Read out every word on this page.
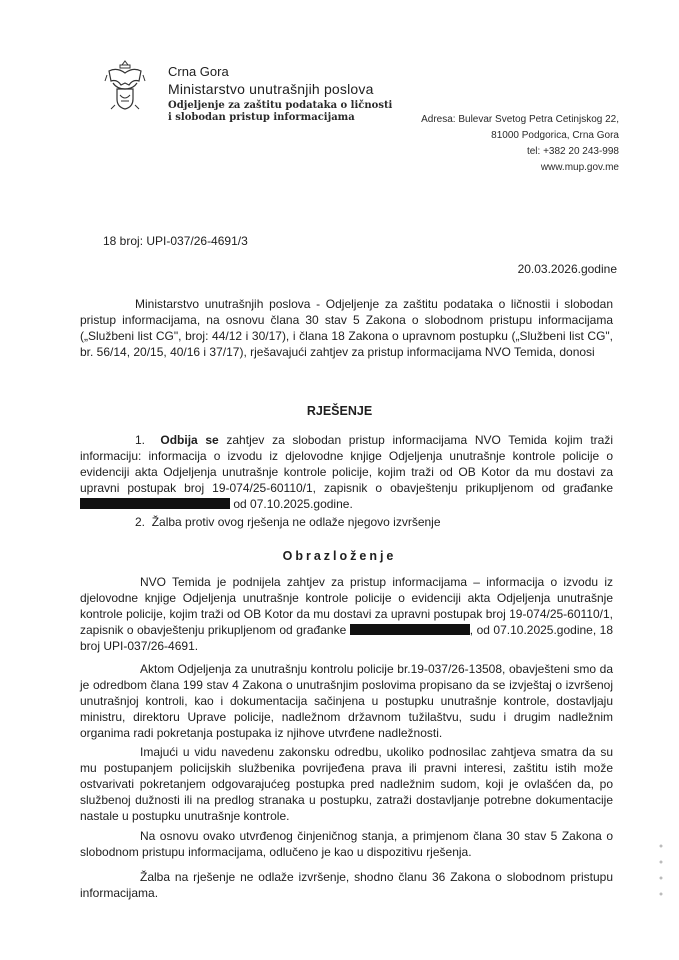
Crna Gora
Ministarstvo unutrašnjih poslova
Odjeljenje za zaštitu podataka o ličnosti
i slobodan pristup informacijama	Adresa: Bulevar Svetog Petra Cetinjskog 22,
81000 Podgorica, Crna Gora
tel: +382 20 243-998
www.mup.gov.me
18 broj: UPI-037/26-4691/3
20.03.2026.godine

Ministarstvo unutrašnjih poslova - Odjeljenje za zaštitu podataka o ličnostii i slobodan pristup informacijama, na osnovu člana 30 stav 5 Zakona o slobodnom pristupu informacijama („Službeni list CG", broj: 44/12 i 30/17), i člana 18 Zakona o upravnom postupku („Službeni list CG", br. 56/14, 20/15, 40/16 i 37/17), rješavajući zahtjev za pristup informacijama NVO Temida, donosi

RJEŠENJE

1. Odbija se zahtjev za slobodan pristup informacijama NVO Temida kojim traži informaciju: informacija o izvodu iz djelovodne knjige Odjeljenja unutrašnje kontrole policije o evidenciji akta Odjeljenja unutrašnje kontrole policije, kojim traži od OB Kotor da mu dostavi za upravni postupak broj 19-074/25-60110/1, zapisnik o obavještenju prikupljenom od građanke  od 07.10.2025.godine.

2. Žalba protiv ovog rješenja ne odlaže njegovo izvršenje

Obrazloženje

NVO Temida je podnijela zahtjev za pristup informacijama – informacija o izvodu iz djelovodne knjige Odjeljenja unutrašnje kontrole policije o evidenciji akta Odjeljenja unutrašnje kontrole policije, kojim traži od OB Kotor da mu dostavi za upravni postupak broj 19-074/25-60110/1, zapisnik o obavještenju prikupljenom od građanke	, od 07.10.2025.godine, 18 broj UPI-037/26-4691.

Aktom Odjeljenja za unutrašnju kontrolu policije br.19-037/26-13508, obavješteni smo da je odredbom člana 199 stav 4 Zakona o unutrašnjim poslovima propisano da se izvještaj o izvršenoj unutrašnjoj kontroli, kao i dokumentacija sačinjena u postupku unutrašnje kontrole, dostavljaju ministru, direktoru Uprave policije, nadležnom državnom tužilaštvu, sudu i drugim nadležnim organima radi pokretanja postupaka iz njihove utvrđene nadležnosti.

Imajući u vidu navedenu zakonsku odredbu, ukoliko podnosilac zahtjeva smatra da su mu postupanjem policijskih službenika povrijeđena prava ili pravni interesi, zaštitu istih može ostvarivati pokretanjem odgovarajućeg postupka pred nadležnim sudom, koji je ovlašćen da, po službenoj dužnosti ili na predlog stranaka u postupku, zatraži dostavljanje potrebne dokumentacije nastale u postupku unutrašnje kontrole.

Na osnovu ovako utvrđenog činjeničnog stanja, a primjenom člana 30 stav 5 Zakona o slobodnom pristupu informacijama, odlučeno je kao u dispozitivu rješenja.

Žalba na rješenje ne odlaže izvršenje, shodno članu 36 Zakona o slobodnom pristupu informacijama.
